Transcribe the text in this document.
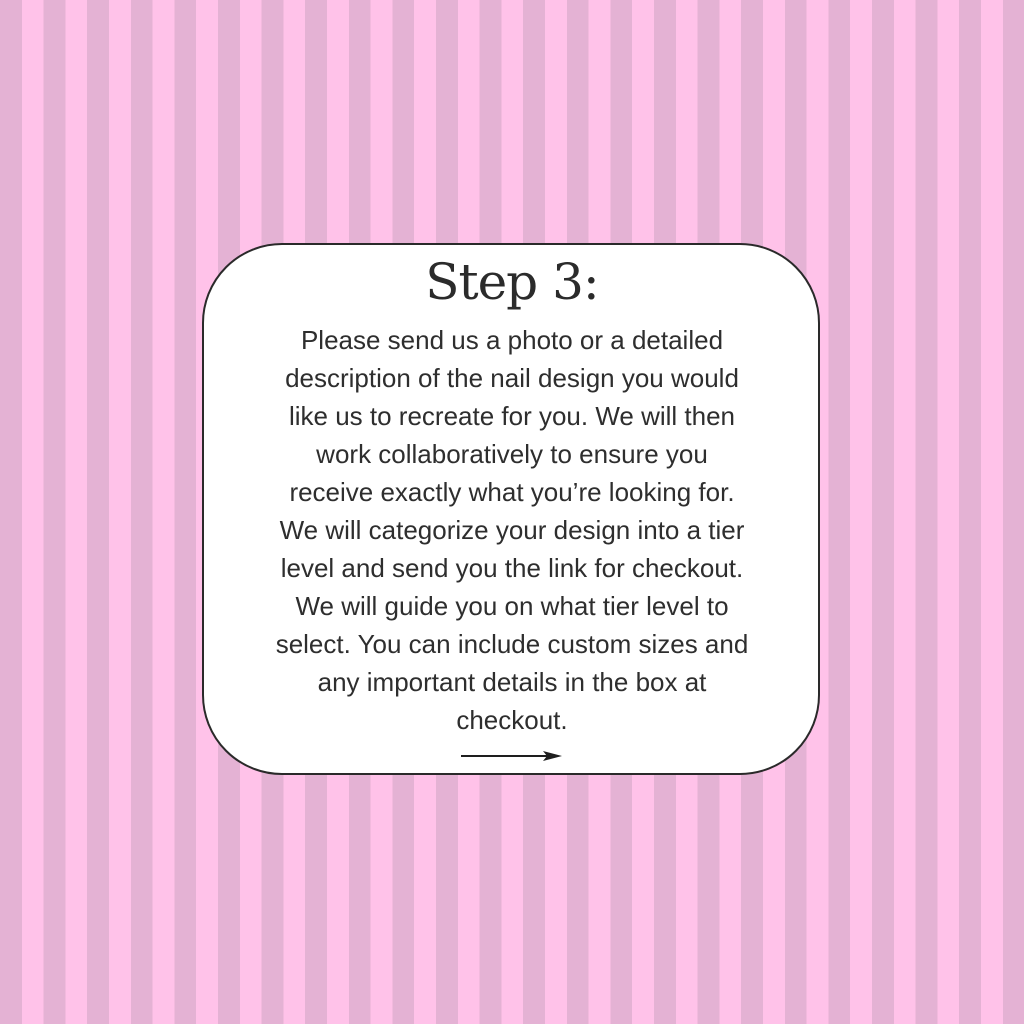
Step 3:
Please send us a photo or a detailed
description of the nail design you would
like us to recreate for you. We will then
work collaboratively to ensure you
receive exactly what you’re looking for.
We will categorize your design into a tier
level and send you the link for checkout.
We will guide you on what tier level to
select. You can include custom sizes and
any important details in the box at
checkout.
